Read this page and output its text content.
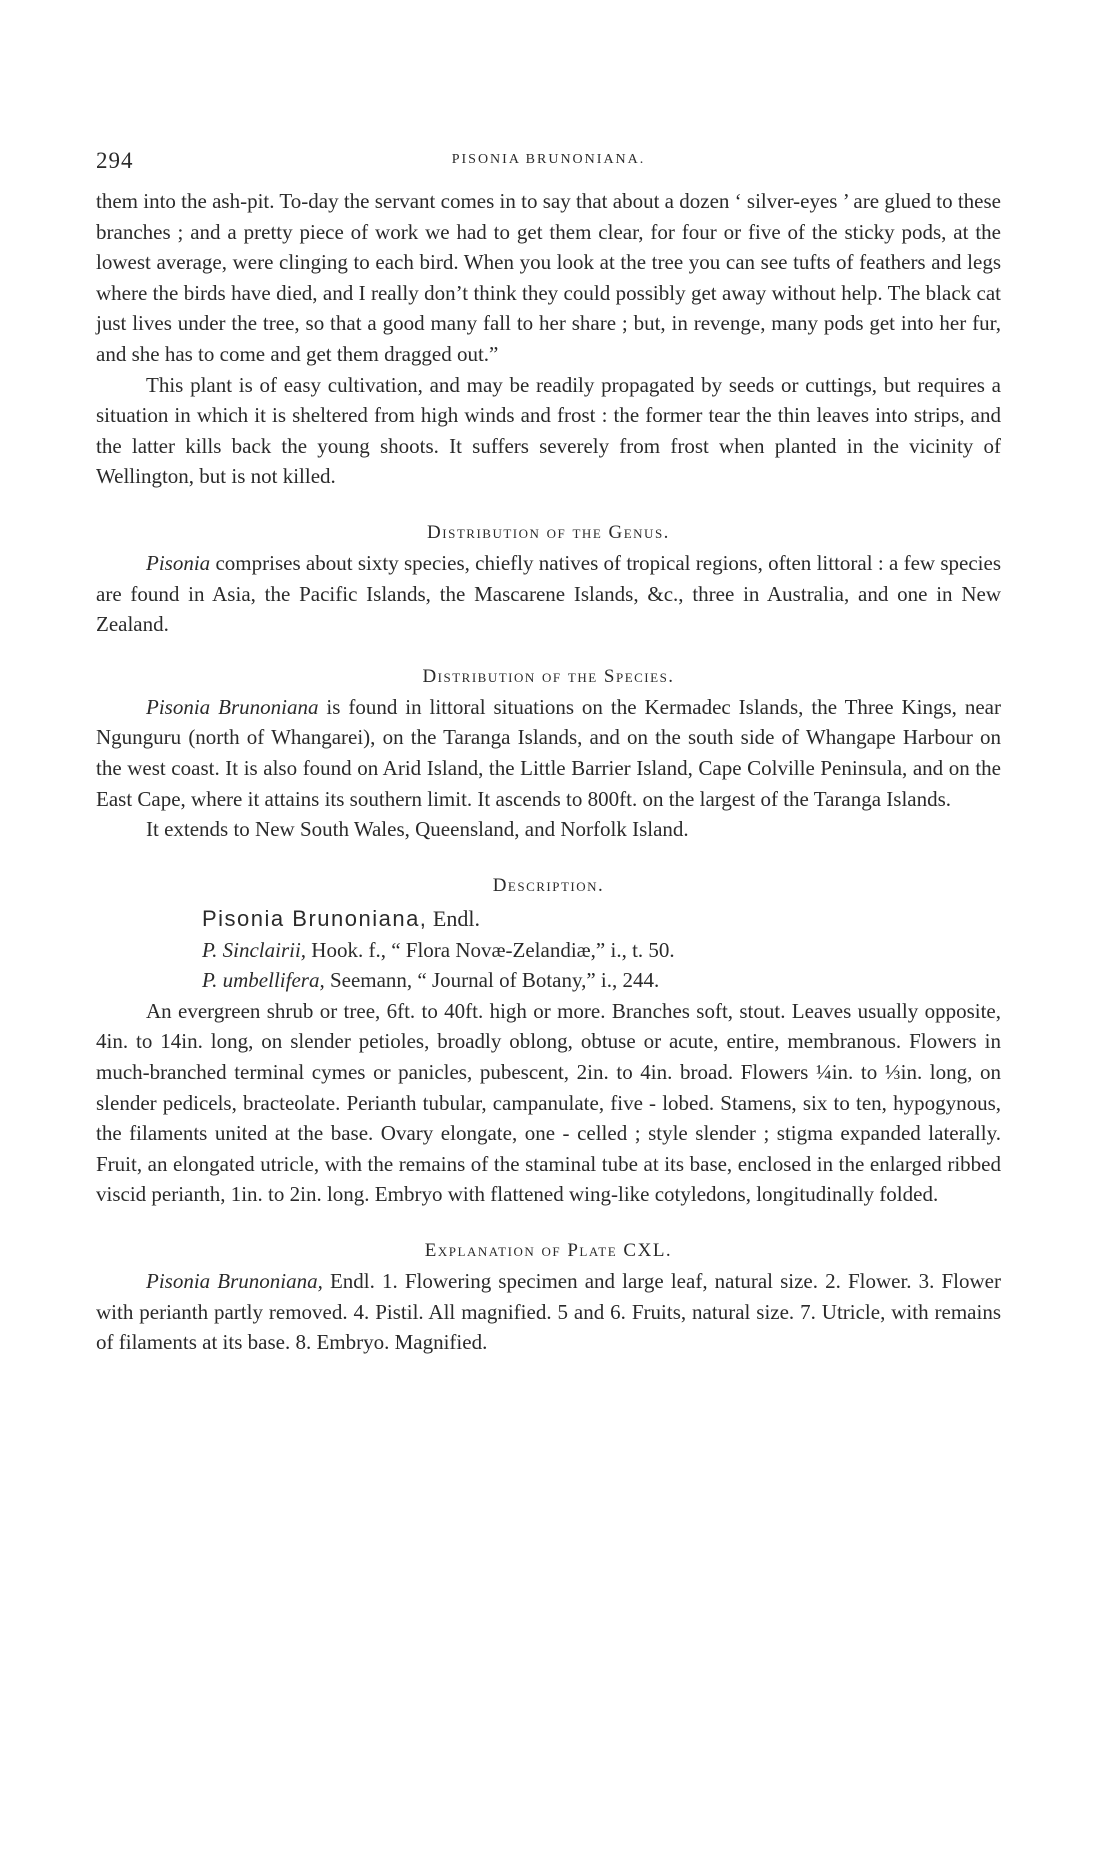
294	PISONIA BRUNONIANA.

them into the ash-pit. To-day the servant comes in to say that about a dozen ‘ silver-eyes ’ are glued to these branches ; and a pretty piece of work we had to get them clear, for four or five of the sticky pods, at the lowest average, were clinging to each bird. When you look at the tree you can see tufts of feathers and legs where the birds have died, and I really don’t think they could possibly get away without help. The black cat just lives under the tree, so that a good many fall to her share ; but, in revenge, many pods get into her fur, and she has to come and get them dragged out.”

This plant is of easy cultivation, and may be readily propagated by seeds or cuttings, but requires a situation in which it is sheltered from high winds and frost : the former tear the thin leaves into strips, and the latter kills back the young shoots. It suffers severely from frost when planted in the vicinity of Wellington, but is not killed.

Distribution of the Genus.

Pisonia comprises about sixty species, chiefly natives of tropical regions, often littoral : a few species are found in Asia, the Pacific Islands, the Mascarene Islands, &c., three in Australia, and one in New Zealand.

Distribution of the Species.

Pisonia Brunoniana is found in littoral situations on the Kermadec Islands, the Three Kings, near Ngunguru (north of Whangarei), on the Taranga Islands, and on the south side of Whangape Harbour on the west coast. It is also found on Arid Island, the Little Barrier Island, Cape Colville Peninsula, and on the East Cape, where it attains its southern limit. It ascends to 800ft. on the largest of the Taranga Islands.

It extends to New South Wales, Queensland, and Norfolk Island.

Description.
Pisonia Brunoniana, Endl.
P. Sinclairii, Hook. f., “ Flora Novæ-Zelandiæ,” i., t. 50.
P. umbellifera, Seemann, “ Journal of Botany,” i., 244.

An evergreen shrub or tree, 6ft. to 40ft. high or more. Branches soft, stout. Leaves usually opposite, 4in. to 14in. long, on slender petioles, broadly oblong, obtuse or acute, entire, membranous. Flowers in much-branched terminal cymes or panicles, pubescent, 2in. to 4in. broad. Flowers ¼in. to ⅓in. long, on slender pedicels, bracteolate. Perianth tubular, campanulate, five - lobed. Stamens, six to ten, hypogynous, the filaments united at the base. Ovary elongate, one - celled ; style slender ; stigma expanded laterally. Fruit, an elongated utricle, with the remains of the staminal tube at its base, enclosed in the enlarged ribbed viscid perianth, 1in. to 2in. long. Embryo with flattened wing-like cotyledons, longitudinally folded.

Explanation of Plate CXL.

Pisonia Brunoniana, Endl. 1. Flowering specimen and large leaf, natural size. 2. Flower. 3. Flower with perianth partly removed. 4. Pistil. All magnified. 5 and 6. Fruits, natural size. 7. Utricle, with remains of filaments at its base. 8. Embryo. Magnified.
